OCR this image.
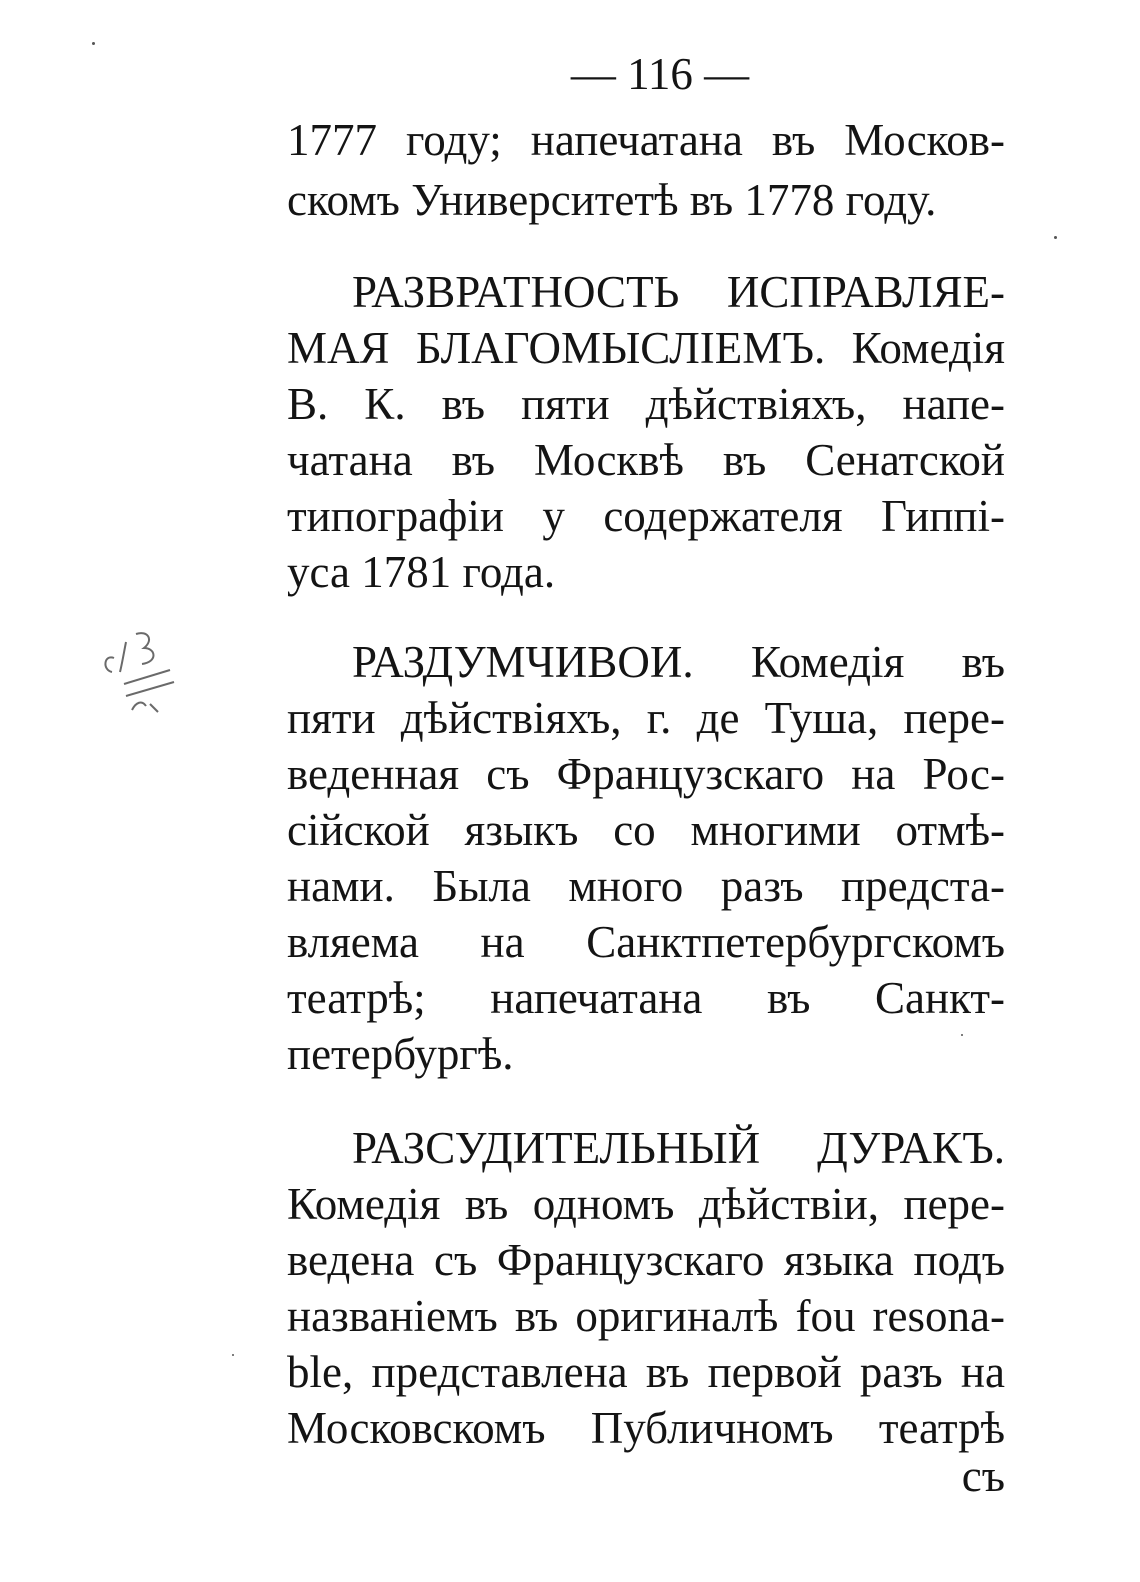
— 116 —
1777 году; напечатана въ Москов-
скомъ Университетѣ въ 1778 году.
РАЗВРАТНОСТЬ ИСПРАВЛЯЕ-
МАЯ БЛАГОМЫСЛІЕМЪ. Комедія
В. К. въ пяти дѣйствіяхъ, напе-
чатана въ Москвѣ въ Сенатской
типографіи у содержателя Гиппі-
уса 1781 года.
РАЗДУМЧИВОИ. Комедія въ
пяти дѣйствіяхъ, г. де Туша, пере-
веденная съ Французскаго на Рос-
сійской языкъ со многими отмѣ-
нами. Была много разъ предста-
вляема на Санктпетербургскомъ
театрѣ; напечатана въ Санкт-
петербургѣ.
РАЗСУДИТЕЛЬНЫЙ ДУРАКЪ.
Комедія въ одномъ дѣйствіи, пере-
ведена съ Французскаго языка подъ
названіемъ въ оригиналѣ fou resona-
ble, представлена въ первой разъ на
Московскомъ Публичномъ театрѣ
съ
